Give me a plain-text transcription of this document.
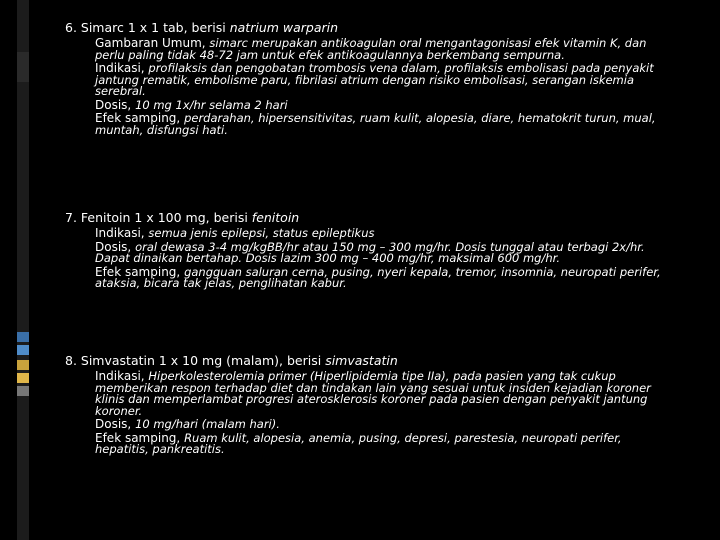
6. Simarc 1 x 1 tab, berisi natrium warparin
Gambaran Umum, simarc merupakan antikoagulan oral mengantagonisasi efek vitamin K, dan perlu paling tidak 48-72 jam untuk efek antikoagulannya berkembang sempurna.
Indikasi, profilaksis dan pengobatan trombosis vena dalam, profilaksis embolisasi pada penyakit jantung rematik, embolisme paru, fibrilasi atrium dengan risiko embolisasi, serangan iskemia serebral.
Dosis, 10 mg 1x/hr selama 2 hari
Efek samping, perdarahan, hipersensitivitas, ruam kulit, alopesia, diare, hematokrit turun, mual, muntah, disfungsi hati.
7. Fenitoin 1 x 100 mg, berisi fenitoin
Indikasi, semua jenis epilepsi, status epileptikus
Dosis, oral dewasa 3-4 mg/kgBB/hr atau 150 mg – 300 mg/hr. Dosis tunggal atau terbagi 2x/hr. Dapat dinaikan bertahap. Dosis lazim 300 mg – 400 mg/hr, maksimal 600 mg/hr.
Efek samping, gangguan saluran cerna, pusing, nyeri kepala, tremor, insomnia, neuropati perifer, ataksia, bicara tak jelas, penglihatan kabur.
8. Simvastatin 1 x 10 mg (malam), berisi simvastatin
Indikasi, Hiperkolesterolemia primer (Hiperlipidemia tipe IIa), pada pasien yang tak cukup memberikan respon terhadap diet dan tindakan lain yang sesuai untuk insiden kejadian koroner klinis dan memperlambat progresi aterosklerosis koroner pada pasien dengan penyakit jantung koroner.
Dosis, 10 mg/hari (malam hari).
Efek samping, Ruam kulit, alopesia, anemia, pusing, depresi, parestesia, neuropati perifer, hepatitis, pankreatitis.
